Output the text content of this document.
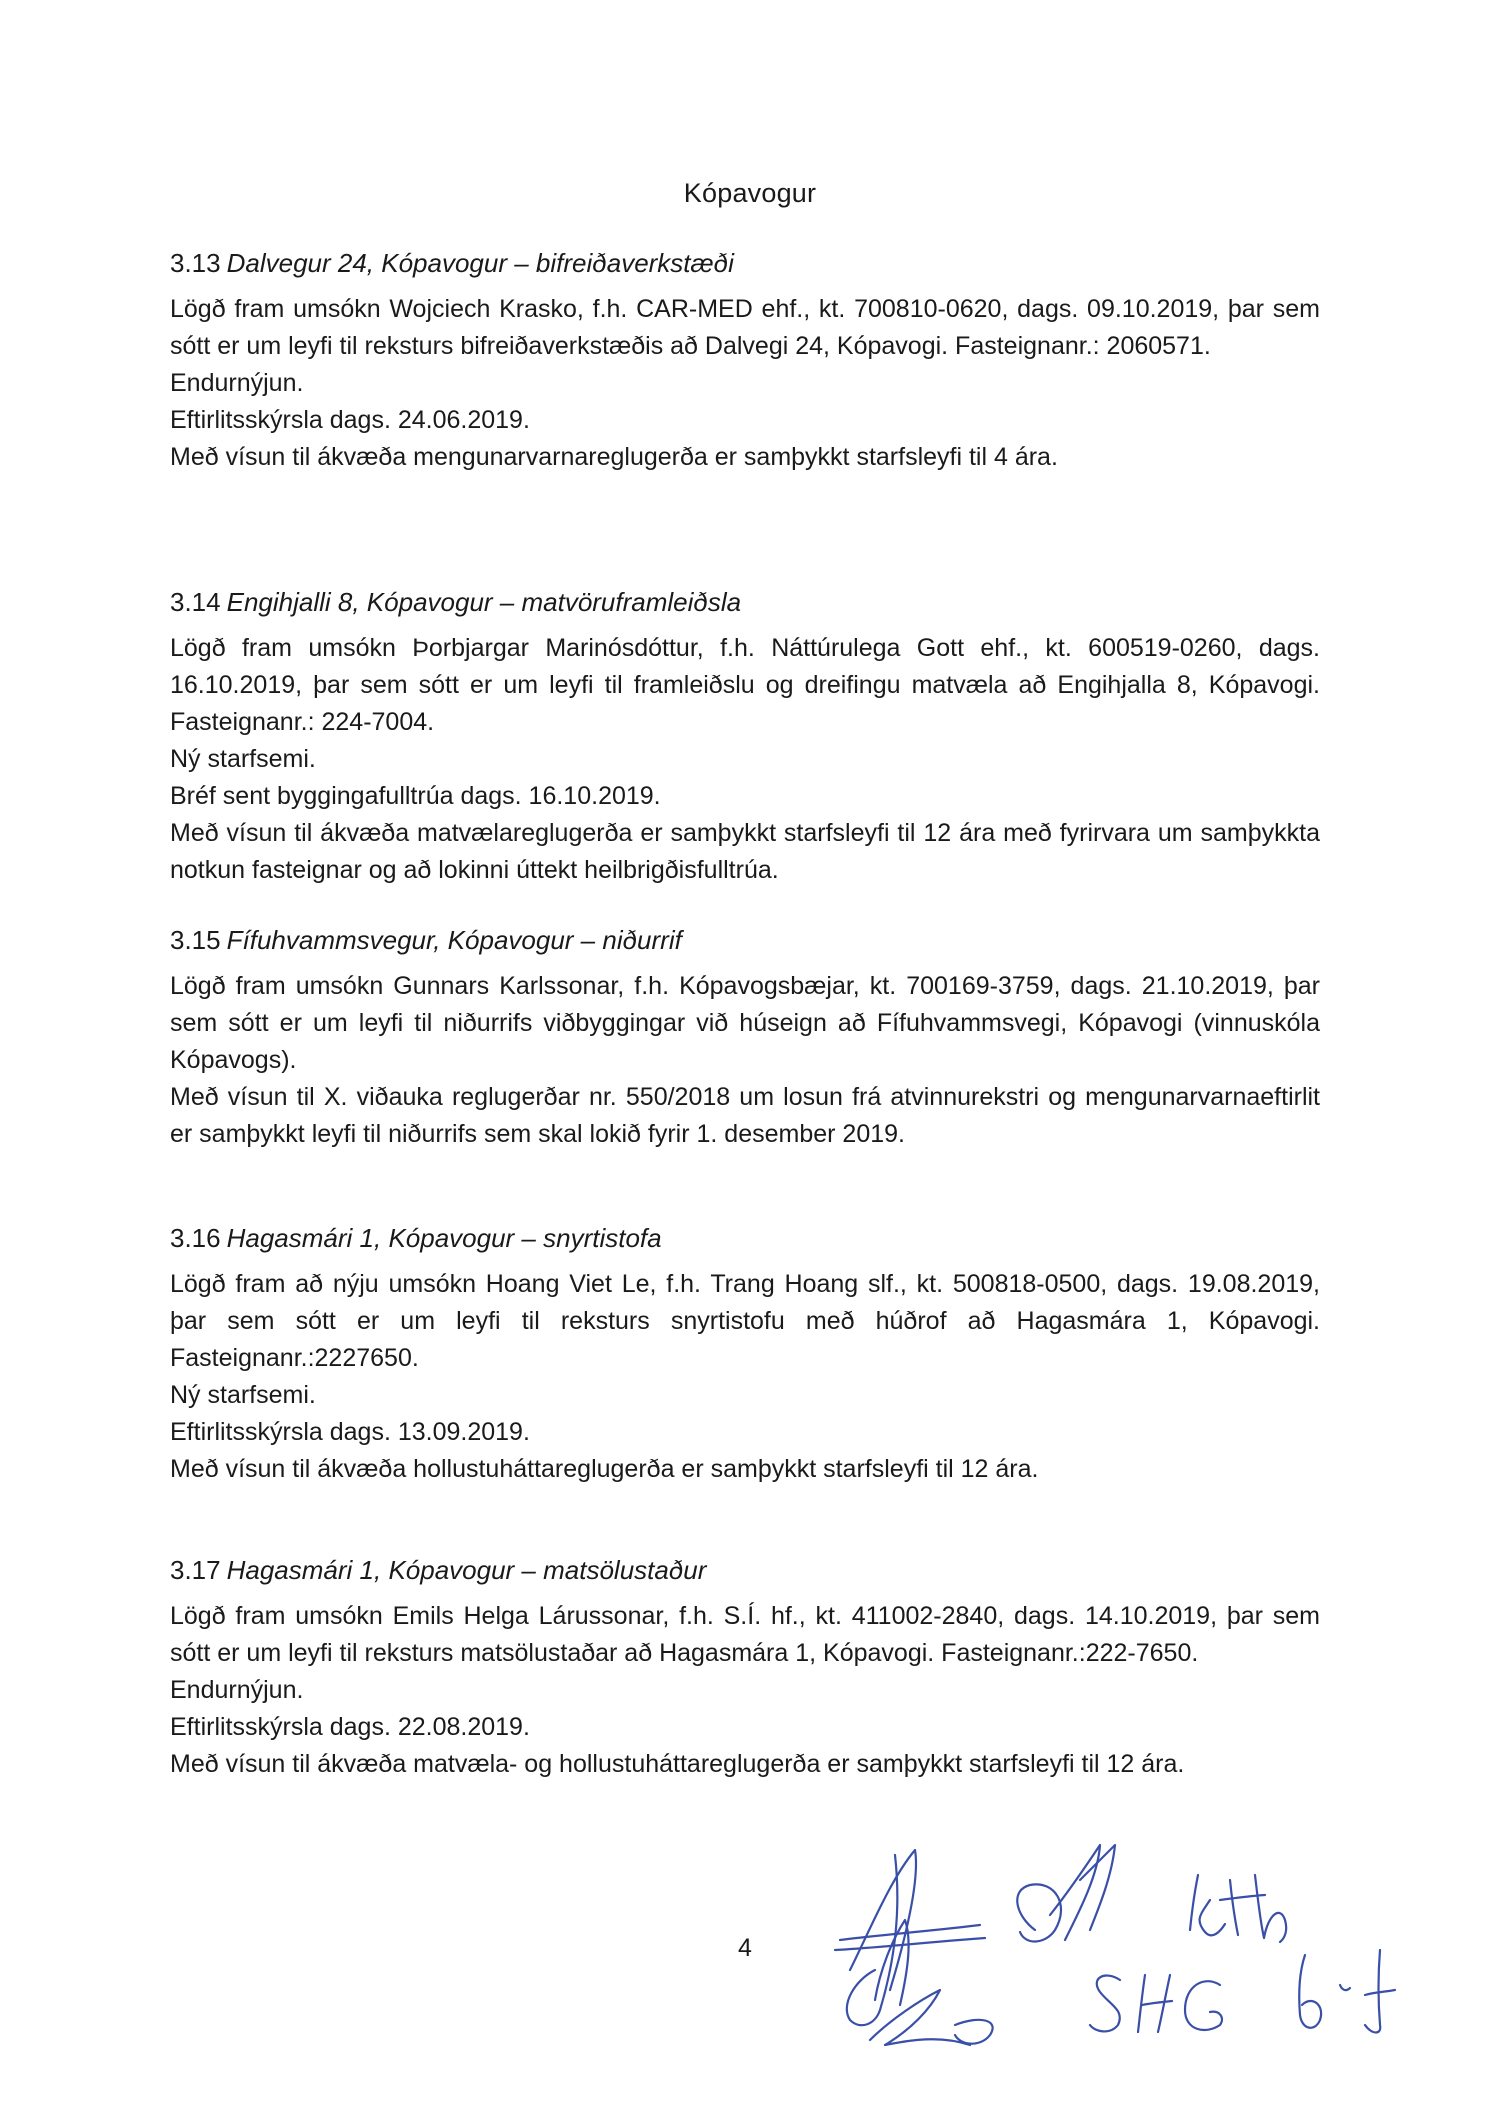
Kópavogur
3.13 Dalvegur 24, Kópavogur – bifreiðaverkstæði
Lögð fram umsókn Wojciech Krasko, f.h. CAR-MED ehf., kt. 700810-0620, dags. 09.10.2019, þar sem sótt er um leyfi til reksturs bifreiðaverkstæðis að Dalvegi 24, Kópavogi. Fasteignanr.: 2060571.
Endurnýjun.
Eftirlitsskýrsla dags. 24.06.2019.
Með vísun til ákvæða mengunarvarnareglugerða er samþykkt starfsleyfi til 4 ára.
3.14 Engihjalli 8, Kópavogur – matvöruframleiðsla
Lögð fram umsókn Þorbjargar Marinósdóttur, f.h. Náttúrulega Gott ehf., kt. 600519-0260, dags. 16.10.2019, þar sem sótt er um leyfi til framleiðslu og dreifingu matvæla að Engihjalla 8, Kópavogi. Fasteignanr.: 224-7004.
Ný starfsemi.
Bréf sent byggingafulltrúa dags. 16.10.2019.
Með vísun til ákvæða matvælareglugerða er samþykkt starfsleyfi til 12 ára með fyrirvara um samþykkta notkun fasteignar og að lokinni úttekt heilbrigðisfulltrúa.
3.15 Fífuhvammsvegur, Kópavogur – niðurrif
Lögð fram umsókn Gunnars Karlssonar, f.h. Kópavogsbæjar, kt. 700169-3759, dags. 21.10.2019, þar sem sótt er um leyfi til niðurrifs viðbyggingar við húseign að Fífuhvammsvegi, Kópavogi (vinnuskóla Kópavogs).
Með vísun til X. viðauka reglugerðar nr. 550/2018 um losun frá atvinnurekstri og mengunarvarnaeftirlit er samþykkt leyfi til niðurrifs sem skal lokið fyrir 1. desember 2019.
3.16 Hagasmári 1, Kópavogur – snyrtistofa
Lögð fram að nýju umsókn Hoang Viet Le, f.h. Trang Hoang slf., kt. 500818-0500, dags. 19.08.2019, þar sem sótt er um leyfi til reksturs snyrtistofu með húðrof að Hagasmára 1, Kópavogi. Fasteignanr.:2227650.
Ný starfsemi.
Eftirlitsskýrsla dags. 13.09.2019.
Með vísun til ákvæða hollustuháttareglugerða er samþykkt starfsleyfi til 12 ára.
3.17 Hagasmári 1, Kópavogur – matsölustaður
Lögð fram umsókn Emils Helga Lárussonar, f.h. S.Í. hf., kt. 411002-2840, dags. 14.10.2019, þar sem sótt er um leyfi til reksturs matsölustaðar að Hagasmára 1, Kópavogi. Fasteignanr.:222-7650.
Endurnýjun.
Eftirlitsskýrsla dags. 22.08.2019.
Með vísun til ákvæða matvæla- og hollustuháttareglugerða er samþykkt starfsleyfi til 12 ára.
4
